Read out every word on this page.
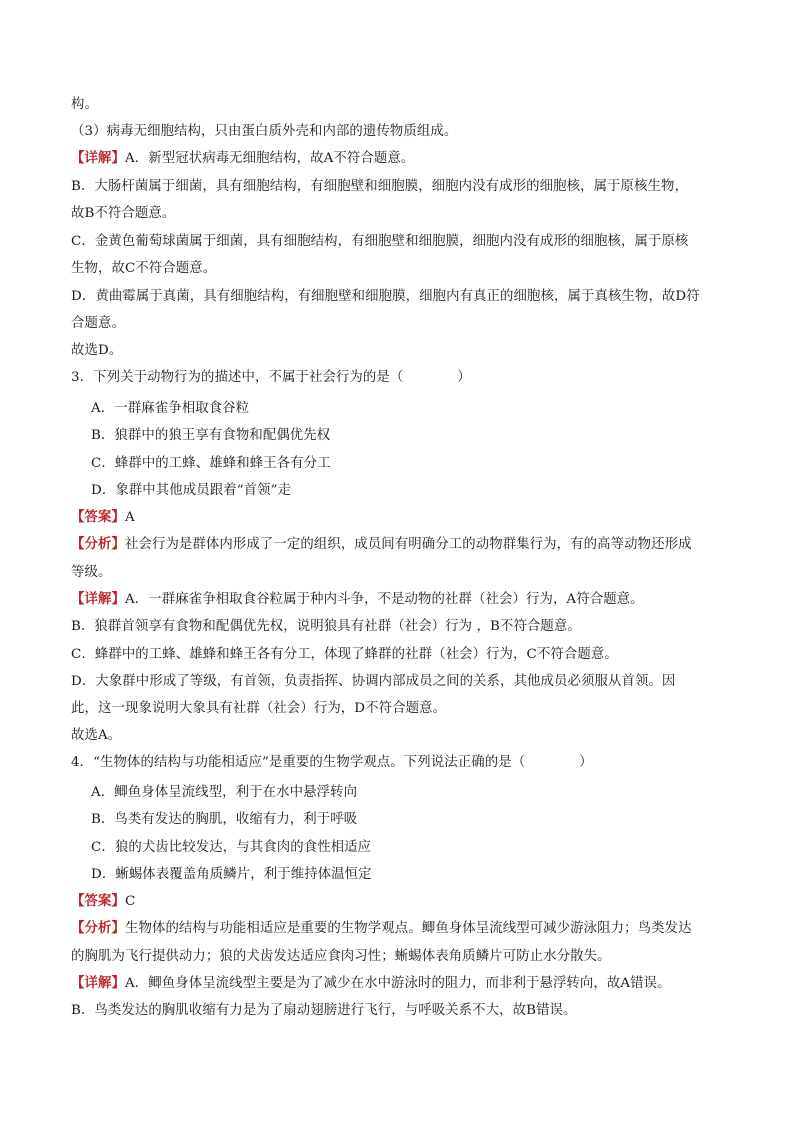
构。
（3）病毒无细胞结构，只由蛋白质外壳和内部的遗传物质组成。
【详解】A．新型冠状病毒无细胞结构，故A不符合题意。
B．大肠杆菌属于细菌，具有细胞结构，有细胞壁和细胞膜，细胞内没有成形的细胞核，属于原核生物，
故B不符合题意。
C．金黄色葡萄球菌属于细菌，具有细胞结构，有细胞壁和细胞膜，细胞内没有成形的细胞核，属于原核
生物，故C不符合题意。
D．黄曲霉属于真菌，具有细胞结构，有细胞壁和细胞膜，细胞内有真正的细胞核，属于真核生物，故D符
合题意。
故选D。
3．下列关于动物行为的描述中，不属于社会行为的是（　　　　）
A．一群麻雀争相取食谷粒
B．狼群中的狼王享有食物和配偶优先权
C．蜂群中的工蜂、雄蜂和蜂王各有分工
D．象群中其他成员跟着“首领”走
【答案】A
【分析】社会行为是群体内形成了一定的组织，成员间有明确分工的动物群集行为，有的高等动物还形成
等级。
【详解】A．一群麻雀争相取食谷粒属于种内斗争，不是动物的社群（社会）行为，A符合题意。
B．狼群首领享有食物和配偶优先权，说明狼具有社群（社会）行为 ，B不符合题意。
C．蜂群中的工蜂、雄蜂和蜂王各有分工，体现了蜂群的社群（社会）行为，C不符合题意。
D．大象群中形成了等级，有首领，负责指挥、协调内部成员之间的关系，其他成员必须服从首领。因
此，这一现象说明大象具有社群（社会）行为，D不符合题意。
故选A。
4．“生物体的结构与功能相适应”是重要的生物学观点。下列说法正确的是（　　　　）
A．鲫鱼身体呈流线型，利于在水中悬浮转向
B．鸟类有发达的胸肌，收缩有力，利于呼吸
C．狼的犬齿比较发达，与其食肉的食性相适应
D．蜥蜴体表覆盖角质鳞片，利于维持体温恒定
【答案】C
【分析】生物体的结构与功能相适应是重要的生物学观点。鲫鱼身体呈流线型可减少游泳阻力；鸟类发达
的胸肌为飞行提供动力；狼的犬齿发达适应食肉习性；蜥蜴体表角质鳞片可防止水分散失。
【详解】A．鲫鱼身体呈流线型主要是为了减少在水中游泳时的阻力，而非利于悬浮转向，故A错误。
B．鸟类发达的胸肌收缩有力是为了扇动翅膀进行飞行，与呼吸关系不大，故B错误。
